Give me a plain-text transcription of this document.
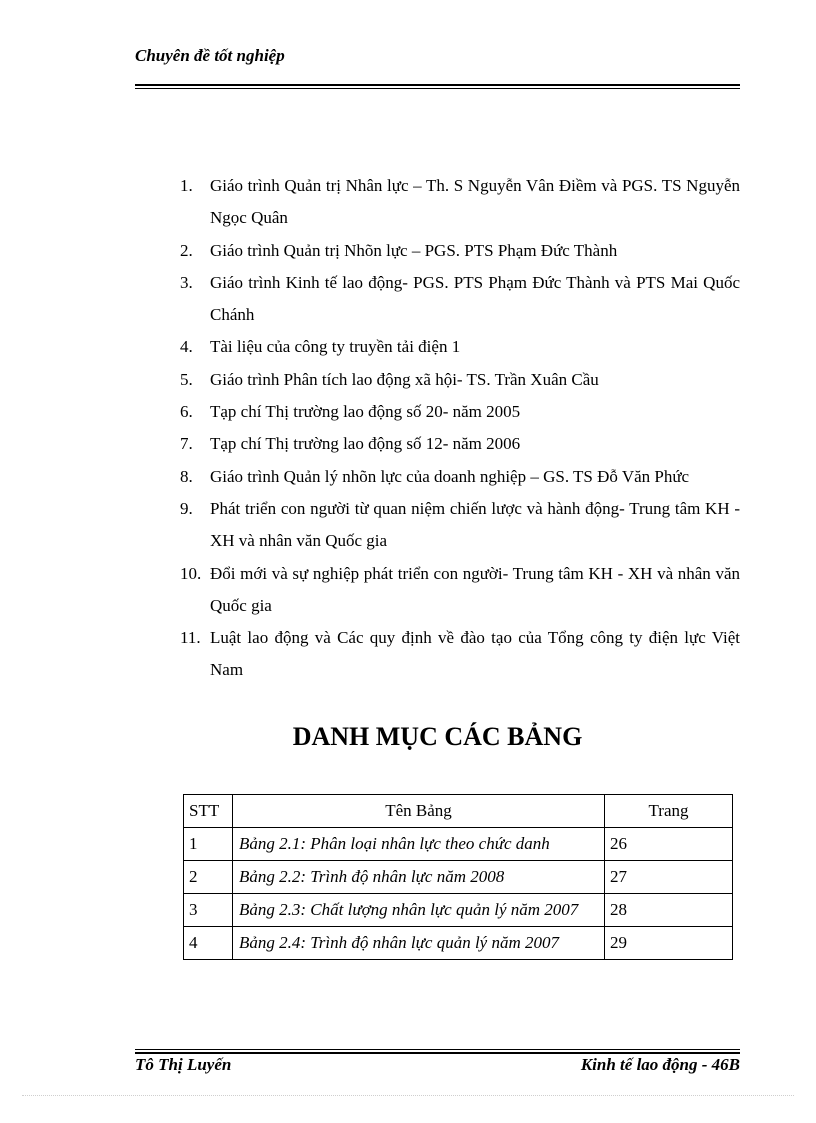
Chuyên đề tốt nghiệp
1. Giáo trình Quản trị Nhân lực – Th. S Nguyễn Vân Điềm và PGS. TS Nguyễn Ngọc Quân
2. Giáo trình Quản trị Nhõn lực – PGS. PTS Phạm Đức Thành
3. Giáo trình Kinh tế lao động- PGS. PTS Phạm Đức Thành và PTS Mai Quốc Chánh
4. Tài liệu của công ty truyền tải điện 1
5. Giáo trình Phân tích lao động xã hội- TS. Trần Xuân Cầu
6. Tạp chí Thị trường lao động số 20- năm 2005
7. Tạp chí Thị trường lao động số 12- năm 2006
8. Giáo trình Quản lý nhõn lực của doanh nghiệp – GS. TS Đỗ Văn Phức
9. Phát triển con người từ quan niệm chiến lược và hành động- Trung tâm KH - XH và nhân văn Quốc gia
10. Đổi mới và sự nghiệp phát triển con người- Trung tâm KH - XH và nhân văn Quốc gia
11. Luật lao động và Các quy định về đào tạo của Tổng công ty điện lực Việt Nam
DANH MỤC CÁC BẢNG
STT	Tên Bảng	Trang
1	Bảng 2.1: Phân loại nhân lực theo chức danh	26
2	Bảng 2.2: Trình độ nhân lực năm 2008	27
3	Bảng 2.3: Chất lượng nhân lực quản lý năm 2007	28
4	Bảng 2.4: Trình độ nhân lực quản lý năm 2007	29
Tô Thị Luyến	Kinh tế lao động - 46B
